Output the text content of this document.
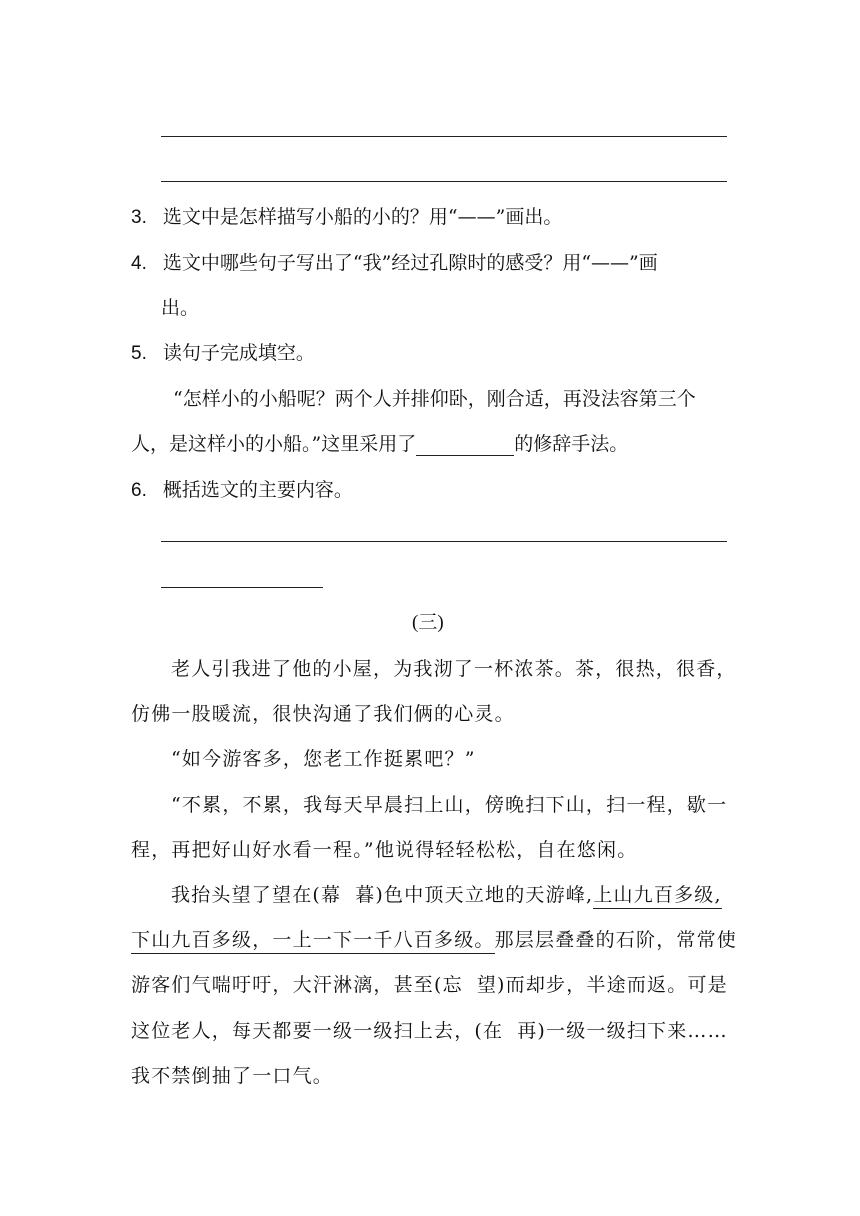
3. 选文中是怎样描写小船的小的？用“——”画出。
4. 选文中哪些句子写出了“我”经过孔隙时的感受？用“——”画
出。
5. 读句子完成填空。
“怎样小的小船呢？两个人并排仰卧，刚合适，再没法容第三个
人，是这样小的小船。”这里采用了	的修辞手法。
6. 概括选文的主要内容。
(三)
老人引我进了他的小屋，为我沏了一杯浓茶。茶，很热，很香，
仿佛一股暖流，很快沟通了我们俩的心灵。
“如今游客多，您老工作挺累吧？”
“不累，不累，我每天早晨扫上山，傍晚扫下山，扫一程，歇一
程，再把好山好水看一程。”他说得轻轻松松，自在悠闲。
我抬头望了望在(幕 暮)色中顶天立地的天游峰,上山九百多级,
下山九百多级，一上一下一千八百多级。那层层叠叠的石阶，常常使
游客们气喘吁吁，大汗淋漓，甚至(忘 望)而却步，半途而返。可是
这位老人，每天都要一级一级扫上去，(在 再)一级一级扫下来……
我不禁倒抽了一口气。
